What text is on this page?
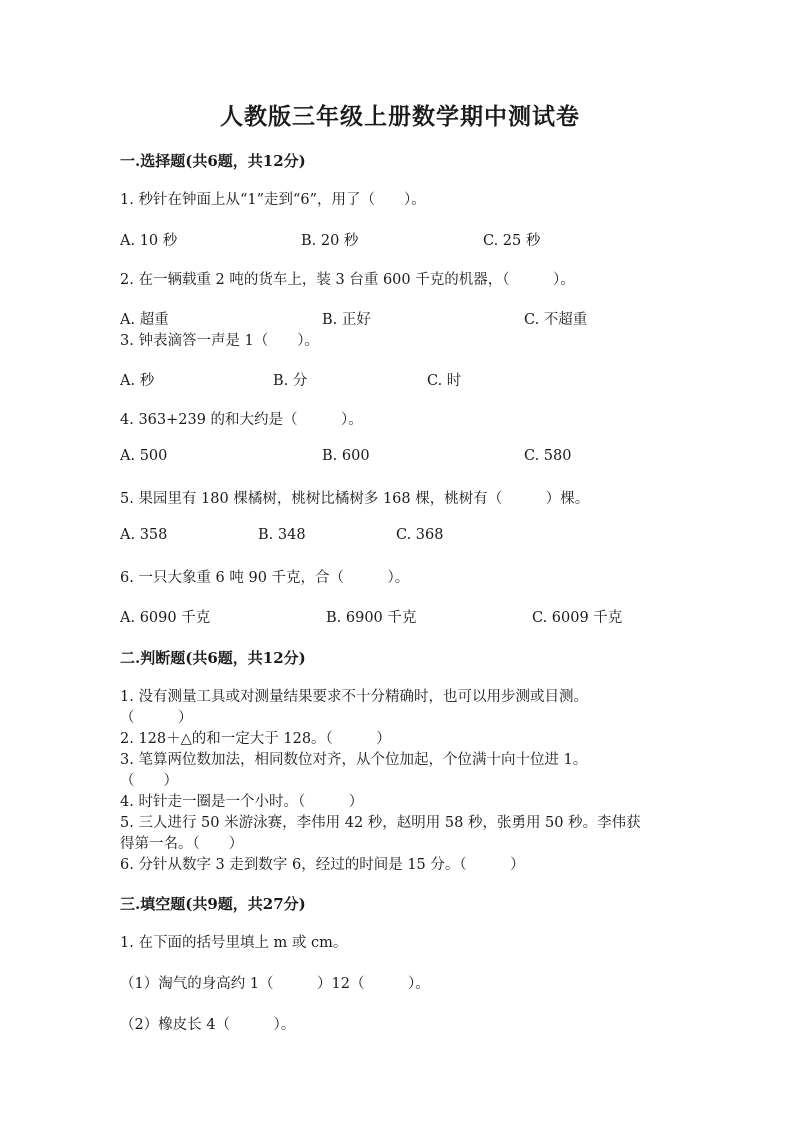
人教版三年级上册数学期中测试卷
一.选择题(共6题，共12分)
1. 秒针在钟面上从“1”走到“6”，用了（　　）。
A. 10 秒	B. 20 秒	C. 25 秒
2. 在一辆载重 2 吨的货车上，装 3 台重 600 千克的机器，（　　　）。
A. 超重	B. 正好	C. 不超重
3. 钟表滴答一声是 1（　　）。
A. 秒	B. 分	C. 时
4. 363+239 的和大约是（　　　）。
A. 500	B. 600	C. 580
5. 果园里有 180 棵橘树，桃树比橘树多 168 棵，桃树有（　　　）棵。
A. 358	B. 348	C. 368
6. 一只大象重 6 吨 90 千克，合（　　　）。
A. 6090 千克	B. 6900 千克	C. 6009 千克
二.判断题(共6题，共12分)
1. 没有测量工具或对测量结果要求不十分精确时，也可以用步测或目测。
（　　　）
2. 128＋△的和一定大于 128。（　　　）
3. 笔算两位数加法，相同数位对齐，从个位加起，个位满十向十位进 1。
（　　）
4. 时针走一圈是一个小时。（　　　）
5. 三人进行 50 米游泳赛，李伟用 42 秒，赵明用 58 秒，张勇用 50 秒。李伟获
得第一名。（　　）
6. 分针从数字 3 走到数字 6，经过的时间是 15 分。（　　　）
三.填空题(共9题，共27分)
1. 在下面的括号里填上 m 或 cm。
（1）淘气的身高约 1（　　　）12（　　　）。
（2）橡皮长 4（　　　）。
